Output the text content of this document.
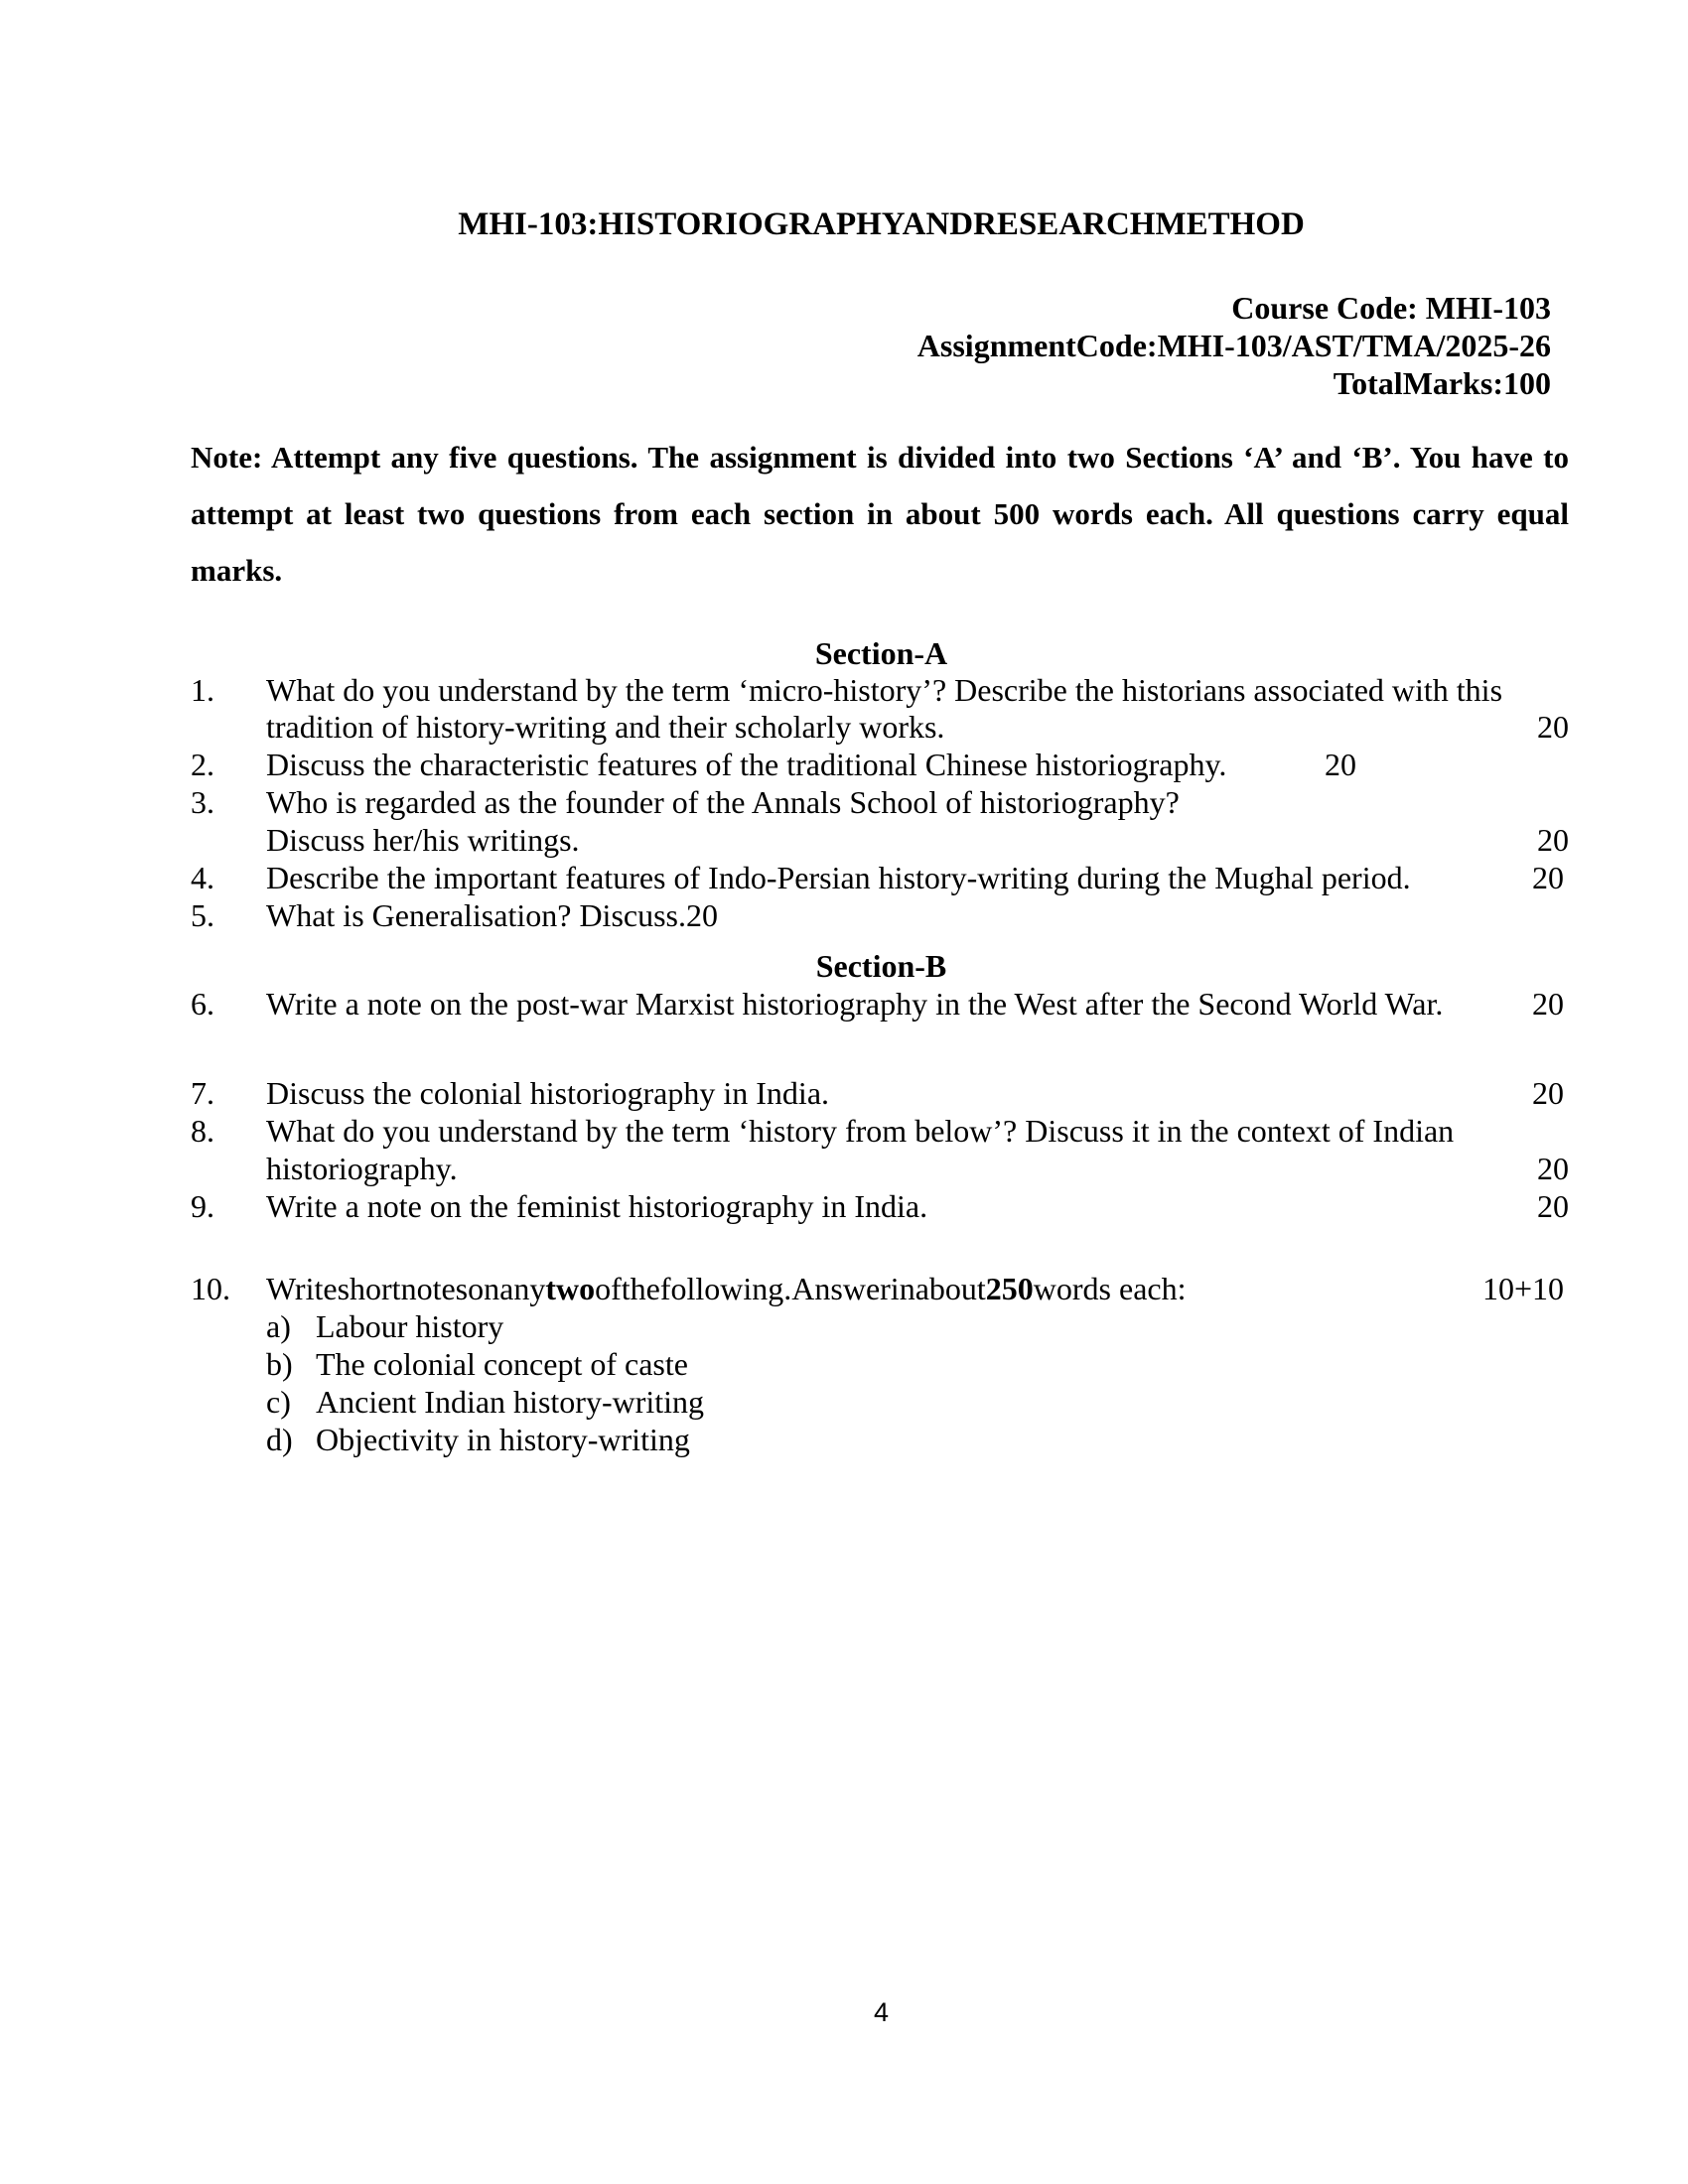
MHI-103:HISTORIOGRAPHYANDRESEARCHMETHOD
Course Code: MHI-103
AssignmentCode:MHI-103/AST/TMA/2025-26
TotalMarks:100
Note: Attempt any five questions. The assignment is divided into two Sections ‘A’ and ‘B’. You have to attempt at least two questions from each section in about 500 words each. All questions carry equal marks.
Section-A
1. What do you understand by the term ‘micro-history’? Describe the historians associated with this
tradition of history-writing and their scholarly works.	20
2. Discuss the characteristic features of the traditional Chinese historiography.	20
3. Who is regarded as the founder of the Annals School of historiography?
Discuss her/his writings.	20
4. Describe the important features of Indo-Persian history-writing during the Mughal period.	20
5. What is Generalisation? Discuss.20
Section-B
6. Write a note on the post-war Marxist historiography in the West after the Second World War.	20
7. Discuss the colonial historiography in India.	20
8. What do you understand by the term ‘history from below’? Discuss it in the context of Indian
historiography.	20
9. Write a note on the feminist historiography in India.	20
10. Writeshortnotesonanytwoofthefollowing.Answerinabout250words each:	10+10
a) Labour history
b) The colonial concept of caste
c) Ancient Indian history-writing
d) Objectivity in history-writing
4
